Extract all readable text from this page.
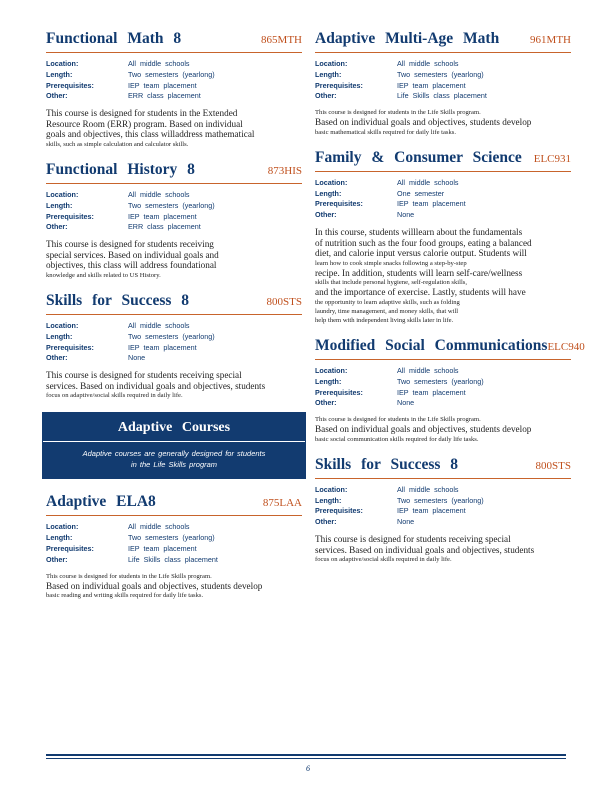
Functional Math 8	865MTH
Location:	All middle schools
Length:	Two semesters (yearlong)
Prerequisites:	IEP team placement
Other:	ERR class placement
This course is designed for students in the Extended
Resource Room (ERR) program. Based on individual
goals and objectives, this class willaddress mathematical
skills, such as simple calculation and calculator skills.
Functional History 8	873HIS
Location:	All middle schools
Length:	Two semesters (yearlong)
Prerequisites:	IEP team placement
Other:	ERR class placement
This course is designed for students receiving
special services. Based on individual goals and
objectives, this class will address foundational
knowledge and skills related to US History.
Skills for Success 8	800STS
Location:	All middle schools
Length:	Two semesters (yearlong)
Prerequisites:	IEP team placement
Other:	None
This course is designed for students receiving special
services. Based on individual goals and objectives, students
focus on adaptive/social skills required in daily life.
Adaptive Courses
Adaptive courses are generally designed for students
in the Life Skills program
Adaptive ELA8	875LAA
Location:	All middle schools
Length:	Two semesters (yearlong)
Prerequisites:	IEP team placement
Other:	Life Skills class placement
This course is designed for students in the Life Skills program.
Based on individual goals and objectives, students develop
basic reading and writing skills required for daily life tasks.
Adaptive Multi-Age Math	961MTH
Location:	All middle schools
Length:	Two semesters (yearlong)
Prerequisites:	IEP team placement
Other:	Life Skills class placement
This course is designed for students in the Life Skills program.
Based on individual goals and objectives, students develop
basic mathematical skills required for daily life tasks.
Family & Consumer Science ELC931
Location:	All middle schools
Length:	One semester
Prerequisites:	IEP team placement
Other:	None
In this course, students willlearn about the fundamentals
of nutrition such as the four food groups, eating a balanced
diet, and calorie input versus calorie output. Students will
learn how to cook simple snacks following a step-by-step
recipe. In addition, students will learn self-care/wellness
skills that include personal hygiene, self-regulation skills,
and the importance of exercise. Lastly, students will have
the opportunity to learn adaptive skills, such as folding
laundry, time management, and money skills, that will
help them with independent living skills later in life.
Modified Social Communications ELC940
Location:	All middle schools
Length:	Two semesters (yearlong)
Prerequisites:	IEP team placement
Other:	None
This course is designed for students in the Life Skills program.
Based on individual goals and objectives, students develop
basic social communication skills required for daily life tasks.
Skills for Success 8	800STS
Location:	All middle schools
Length:	Two semesters (yearlong)
Prerequisites:	IEP team placement
Other:	None
This course is designed for students receiving special
services. Based on individual goals and objectives, students
focus on adaptive/social skills required in daily life.
6
